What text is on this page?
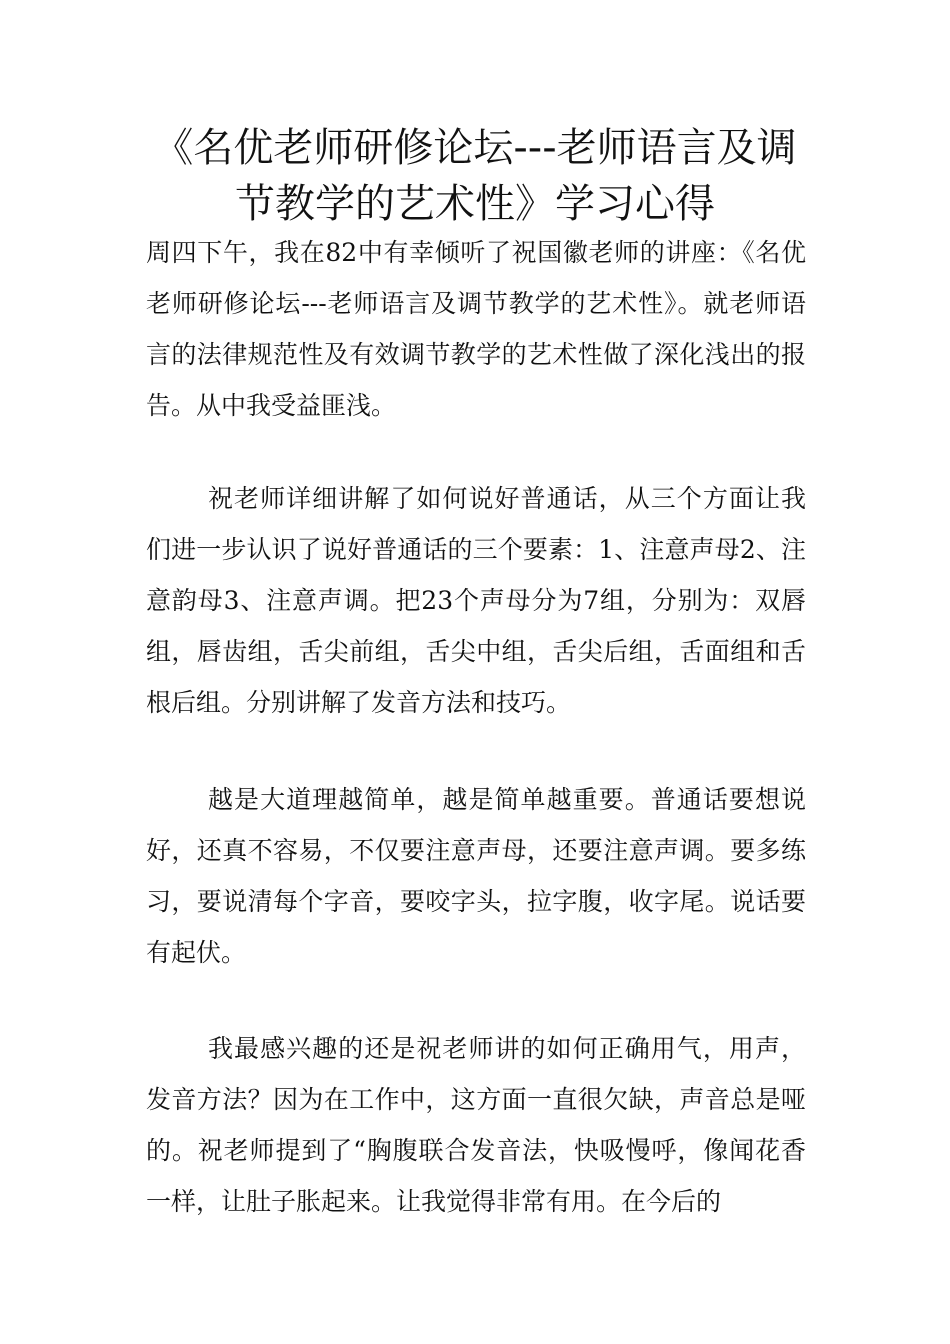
《名优老师研修论坛---老师语言及调
节教学的艺术性》学习心得

周四下午，我在82中有幸倾听了祝国徽老师的讲座：《名优老师研修论坛---老师语言及调节教学的艺术性》。就老师语言的法律规范性及有效调节教学的艺术性做了深化浅出的报告。从中我受益匪浅。

祝老师详细讲解了如何说好普通话，从三个方面让我们进一步认识了说好普通话的三个要素：1、注意声母2、注意韵母3、注意声调。把23个声母分为7组，分别为：双唇组，唇齿组，舌尖前组，舌尖中组，舌尖后组，舌面组和舌根后组。分别讲解了发音方法和技巧。

越是大道理越简单，越是简单越重要。普通话要想说好，还真不容易，不仅要注意声母，还要注意声调。要多练习，要说清每个字音，要咬字头，拉字腹，收字尾。说话要有起伏。

我最感兴趣的还是祝老师讲的如何正确用气，用声，发音方法？因为在工作中，这方面一直很欠缺，声音总是哑的。祝老师提到了“胸腹联合发音法，快吸慢呼，像闻花香一样，让肚子胀起来。让我觉得非常有用。在今后的
